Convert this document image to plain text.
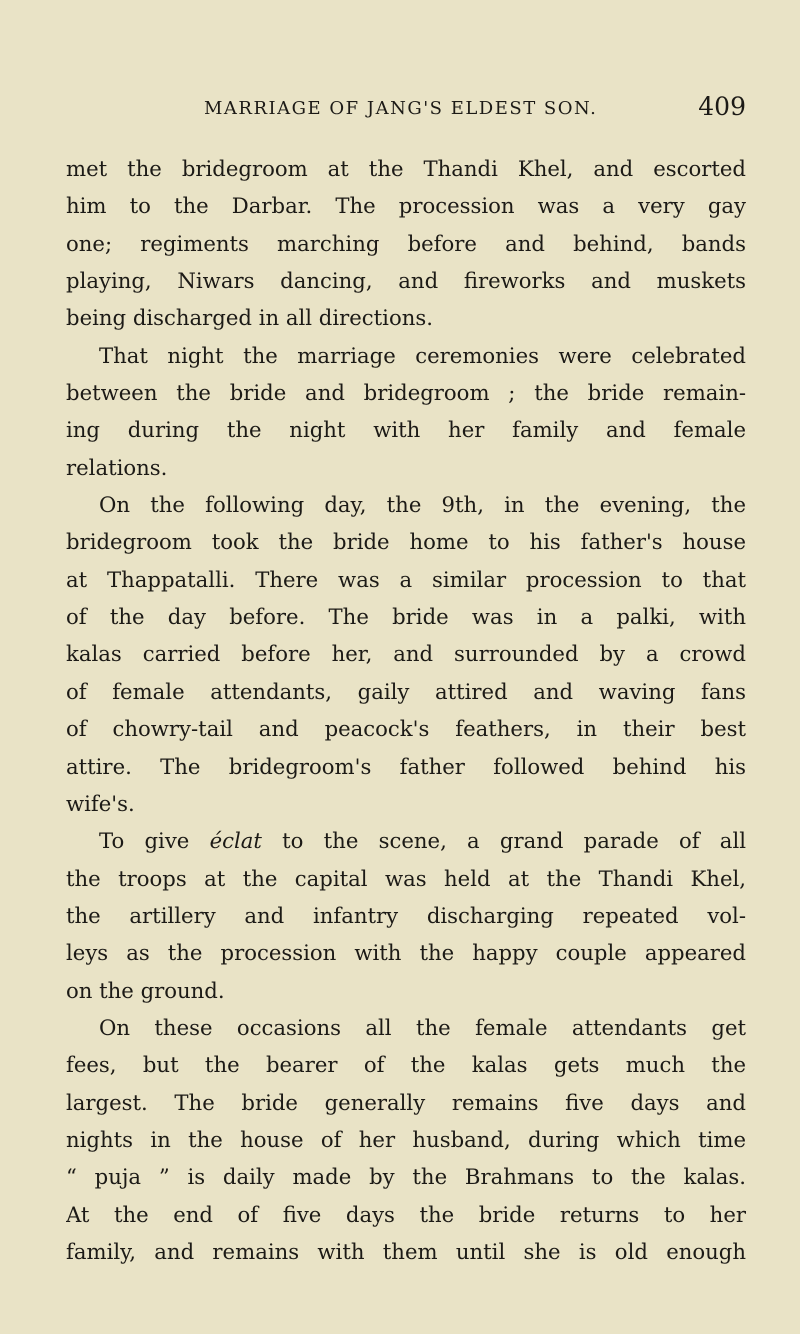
MARRIAGE OF JANG'S ELDEST SON.	409
met the bridegroom at the Thandi Khel, and escorted
him to the Darbar. The procession was a very gay
one; regiments marching before and behind, bands
playing, Niwars dancing, and fireworks and muskets
being discharged in all directions.
That night the marriage ceremonies were celebrated
between the bride and bridegroom ; the bride remain-
ing during the night with her family and female
relations.
On the following day, the 9th, in the evening, the
bridegroom took the bride home to his father's house
at Thappatalli. There was a similar procession to that
of the day before. The bride was in a palki, with
kalas carried before her, and surrounded by a crowd
of female attendants, gaily attired and waving fans
of chowry-tail and peacock's feathers, in their best
attire. The bridegroom's father followed behind his
wife's.
To give éclat to the scene, a grand parade of all
the troops at the capital was held at the Thandi Khel,
the artillery and infantry discharging repeated vol-
leys as the procession with the happy couple appeared
on the ground.
On these occasions all the female attendants get
fees, but the bearer of the kalas gets much the
largest. The bride generally remains five days and
nights in the house of her husband, during which time
“ puja ” is daily made by the Brahmans to the kalas.
At the end of five days the bride returns to her
family, and remains with them until she is old enough
